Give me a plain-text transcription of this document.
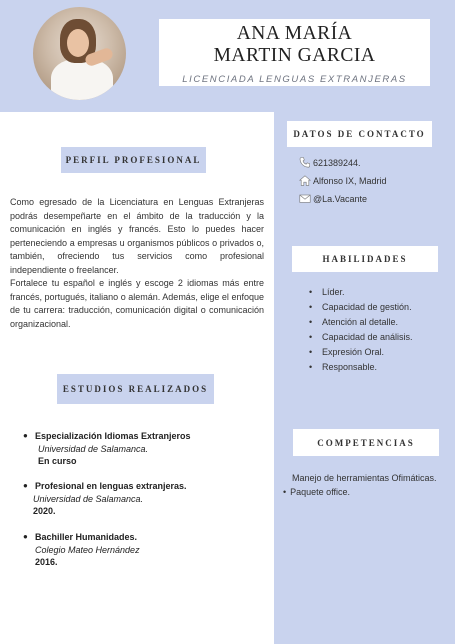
ANA MARÍA
MARTIN GARCIA
LICENCIADA LENGUAS EXTRANJERAS
PERFIL PROFESIONAL

Como egresado de la Licenciatura en Lenguas Extranjeras podrás desempeñarte en el ámbito de la traducción y la comunicación en inglés y francés. Esto lo puedes hacer perteneciendo a empresas u organismos públicos o privados o, también, ofreciendo tus servicios como profesional independiente o freelancer.

Fortalece tu español e inglés y escoge 2 idiomas más entre francés, portugués, italiano o alemán. Además, elige el enfoque de tu carrera: traducción, comunicación digital o comunicación organizacional.

ESTUDIOS REALIZADOS
● Especialización Idiomas Extranjeros
Universidad de Salamanca.
En curso
● Profesional en lenguas extranjeras.
Universidad de Salamanca.
2020.
● Bachiller Humanidades.
Colegio Mateo Hernández
2016.
DATOS DE CONTACTO
621389244.
Alfonso IX, Madrid
@La.Vacante
HABILIDADES
• Líder.
• Capacidad de gestión.
• Atención al detalle.
• Capacidad de análisis.
• Expresión Oral.
• Responsable.
COMPETENCIAS
Manejo de herramientas Ofimáticas.
• Paquete office.
